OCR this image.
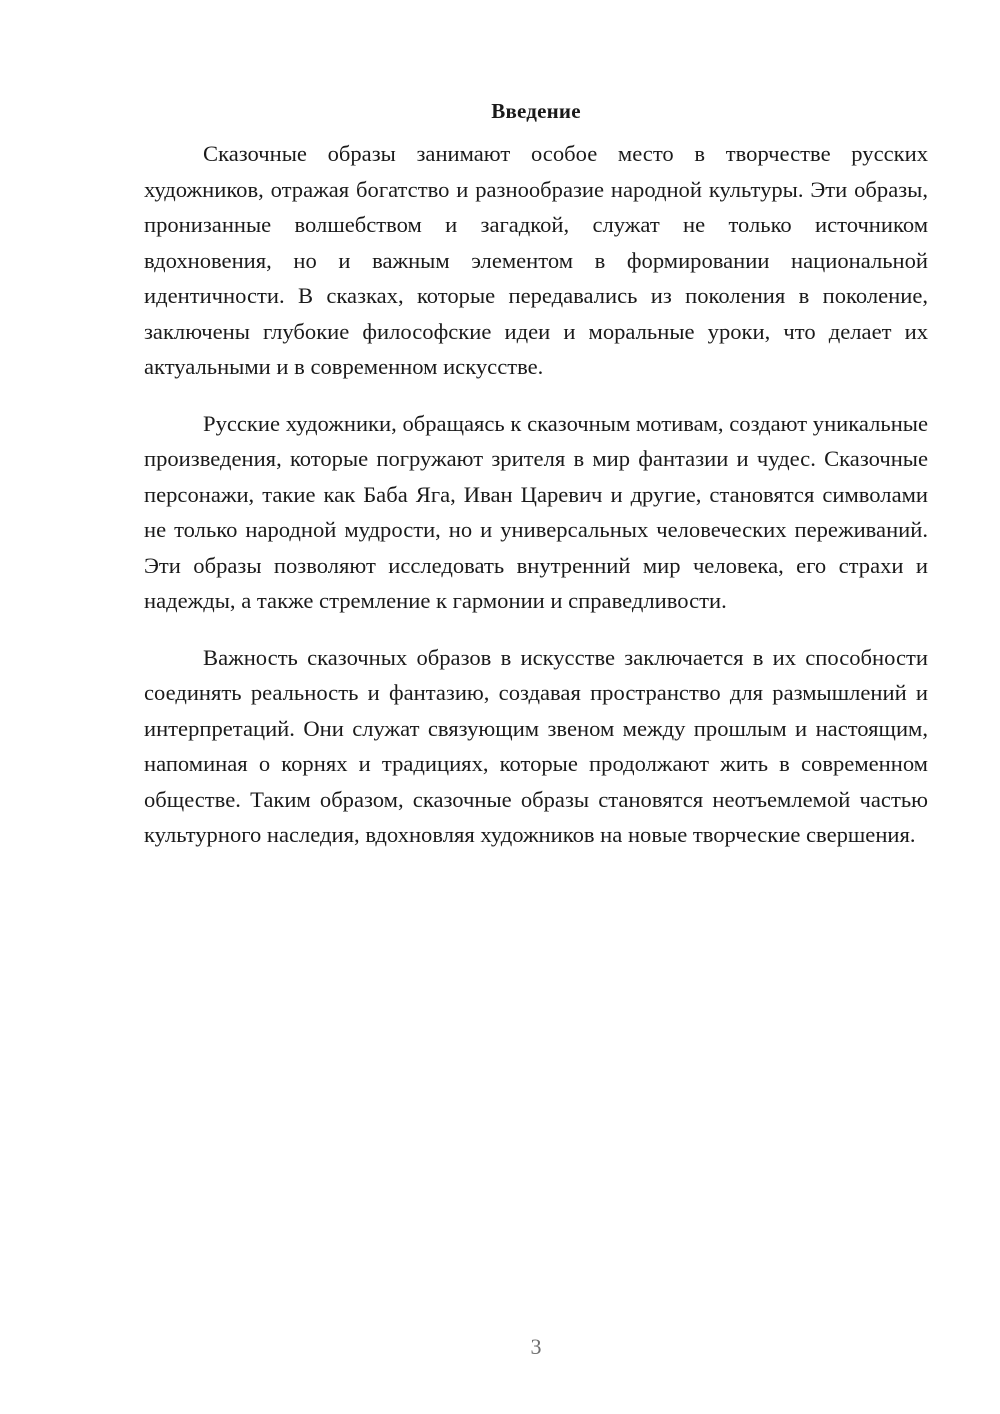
Введение

Сказочные образы занимают особое место в творчестве русских художников, отражая богатство и разнообразие народной культуры. Эти образы, пронизанные волшебством и загадкой, служат не только источником вдохновения, но и важным элементом в формировании национальной идентичности. В сказках, которые передавались из поколения в поколение, заключены глубокие философские идеи и моральные уроки, что делает их актуальными и в современном искусстве.

Русские художники, обращаясь к сказочным мотивам, создают уникальные произведения, которые погружают зрителя в мир фантазии и чудес. Сказочные персонажи, такие как Баба Яга, Иван Царевич и другие, становятся символами не только народной мудрости, но и универсальных человеческих переживаний. Эти образы позволяют исследовать внутренний мир человека, его страхи и надежды, а также стремление к гармонии и справедливости.

Важность сказочных образов в искусстве заключается в их способности соединять реальность и фантазию, создавая пространство для размышлений и интерпретаций. Они служат связующим звеном между прошлым и настоящим, напоминая о корнях и традициях, которые продолжают жить в современном обществе. Таким образом, сказочные образы становятся неотъемлемой частью культурного наследия, вдохновляя художников на новые творческие свершения.

3
